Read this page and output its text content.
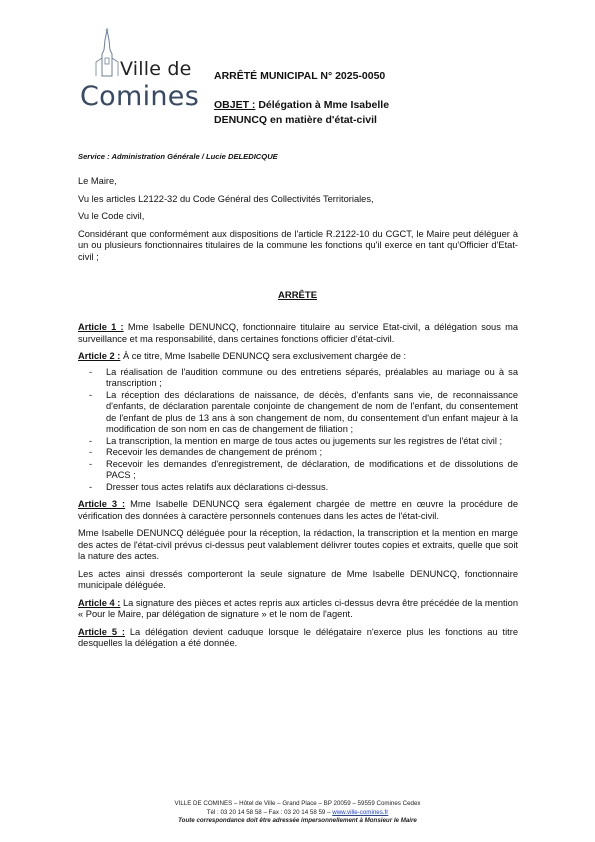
Ville de
Comines
ARRÊTÉ MUNICIPAL N° 2025-0050
OBJET : Délégation à Mme Isabelle DENUNCQ en matière d'état-civil
Service : Administration Générale / Lucie DELEDICQUE

Le Maire,

Vu les articles L2122-32 du Code Général des Collectivités Territoriales,

Vu le Code civil,

Considérant que conformément aux dispositions de l'article R.2122-10 du CGCT, le Maire peut déléguer à un ou plusieurs fonctionnaires titulaires de la commune les fonctions qu'il exerce en tant qu'Officier d'Etat-civil ;

ARRÊTE

Article 1 : Mme Isabelle DENUNCQ, fonctionnaire titulaire au service Etat-civil, a délégation sous ma surveillance et ma responsabilité, dans certaines fonctions officier d'état-civil.

Article 2 : À ce titre, Mme Isabelle DENUNCQ sera exclusivement chargée de :

- La réalisation de l'audition commune ou des entretiens séparés, préalables au mariage ou à sa transcription ;
- La réception des déclarations de naissance, de décès, d'enfants sans vie, de reconnaissance d'enfants, de déclaration parentale conjointe de changement de nom de l'enfant, du consentement de l'enfant de plus de 13 ans à son changement de nom, du consentement d'un enfant majeur à la modification de son nom en cas de changement de filiation ;
- La transcription, la mention en marge de tous actes ou jugements sur les registres de l'état civil ;
- Recevoir les demandes de changement de prénom ;
- Recevoir les demandes d'enregistrement, de déclaration, de modifications et de dissolutions de PACS ;
- Dresser tous actes relatifs aux déclarations ci-dessus.

Article 3 : Mme Isabelle DENUNCQ sera également chargée de mettre en œuvre la procédure de vérification des données à caractère personnels contenues dans les actes de l'état-civil.

Mme Isabelle DENUNCQ déléguée pour la réception, la rédaction, la transcription et la mention en marge des actes de l'état-civil prévus ci-dessus peut valablement délivrer toutes copies et extraits, quelle que soit la nature des actes.

Les actes ainsi dressés comporteront la seule signature de Mme Isabelle DENUNCQ, fonctionnaire municipale déléguée.

Article 4 : La signature des pièces et actes repris aux articles ci-dessus devra être précédée de la mention « Pour le Maire, par délégation de signature » et le nom de l'agent.

Article 5 : La délégation devient caduque lorsque le délégataire n'exerce plus les fonctions au titre desquelles la délégation a été donnée.

VILLE DE COMINES – Hôtel de Ville – Grand Place – BP 20059 – 59559 Comines Cedex
Tél : 03 20 14 58 58 – Fax : 03 20 14 58 59 – www.ville-comines.fr
Toute correspondance doit être adressée impersonnellement à Monsieur le Maire
